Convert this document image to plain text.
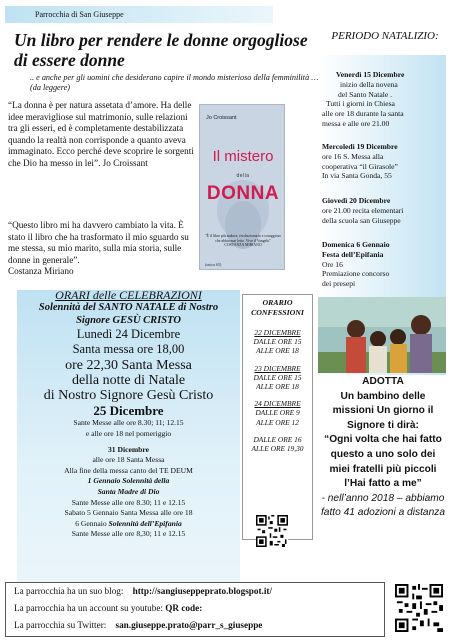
Parrocchia di San Giuseppe
Un libro per rendere le donne orgogliose di essere donne
.. e anche per gli uomini che desiderano capire il mondo misterioso della femminilità … (da leggere)
“La donna è per natura assetata d’amore. Ha delle idee meravigliose sul matrimonio, sulle relazioni tra gli esseri, ed è completamente destabilizzata quando la realtà non corrisponde a quanto aveva immaginato. Ecco perché deve scoprire le sorgenti che Dio ha messo in lei”. Jo Croissant
“Questo libro mi ha davvero cambiato la vita. È stato il libro che ha trasformato il mio sguardo su me stessa, su mio marito, sulla mia storia, sulle donne in generale”.
Costanza Miriano
Jo Croissant
Il mistero
della DONNA
"È il libro più audace, rivoluzionario e coraggioso che abbia mai letto. Vive il Vangelo" COSTANZA MIRIANO
(unica 65)
PERIODO NATALIZIO:
Venerdì 15 Dicembre
inizio della novena
del Santo Natale .
Tutti i giorni in Chiesa
alle ore 18 durante la santa
messa e alle ore 21.00
Mercoledì 19 Dicembre
ore 16 S. Messa alla
cooperativa “il Girasole”
In via Santa Gonda, 55
Giovedì 20 Dicembre
ore 21.00 recita elementari
della scuola san Giuseppe
Domenica 6 Gennaio
Festa dell’Epifania
Ore 16
Premiazione concorso
dei presepi
ORARI delle CELEBRAZIONI

Solennità del SANTO NATALE di Nostro Signore GESÙ CRISTO

Lunedì 24 Dicembre

Santa messa ore 18,00

ore 22,30 Santa Messa

della notte di Natale

di Nostro Signore Gesù Cristo

25 Dicembre

Sante Messe alle ore 8.30; 11; 12.15

e alle ore 18 nel pomeriggio

31 Dicembre

alle ore 18 Santa Messa

Alla fine della messa canto del TE DEUM

1 Gennaio Solennità della

Santa Madre di Dio

Sante Messe alle ore 8.30; 11 e 12.15

Sabato 5 Gennaio Santa Messa alle ore 18

6 Gennaio Solennità dell’Epifania

Sante Messe alle ore 8,30; 11 e 12.15

ORARIO CONFESSIONI

22 DICEMBRE

DALLE ORE 15

ALLE ORE 18

23 DICEMBRE

DALLE ORE 15

ALLE ORE 18

24 DICEMBRE

DALLE ORE 9

ALLE ORE 12

DALLE ORE 16

ALLE ORE 19,30

ADOTTA

Un bambino delle missioni Un giorno il Signore ti dirà:

“Ogni volta che hai fatto questo a uno solo dei miei fratelli più piccoli l’Hai fatto a me”

- nell’anno 2018 – abbiamo fatto 41 adozioni a distanza

La parrocchia ha un suo blog: http://sangiuseppeprato.blogspot.it/
La parrocchia ha un account su youtube: QR code:
La parrocchia su Twitter: san.giuseppe.prato@parr_s_giuseppe
